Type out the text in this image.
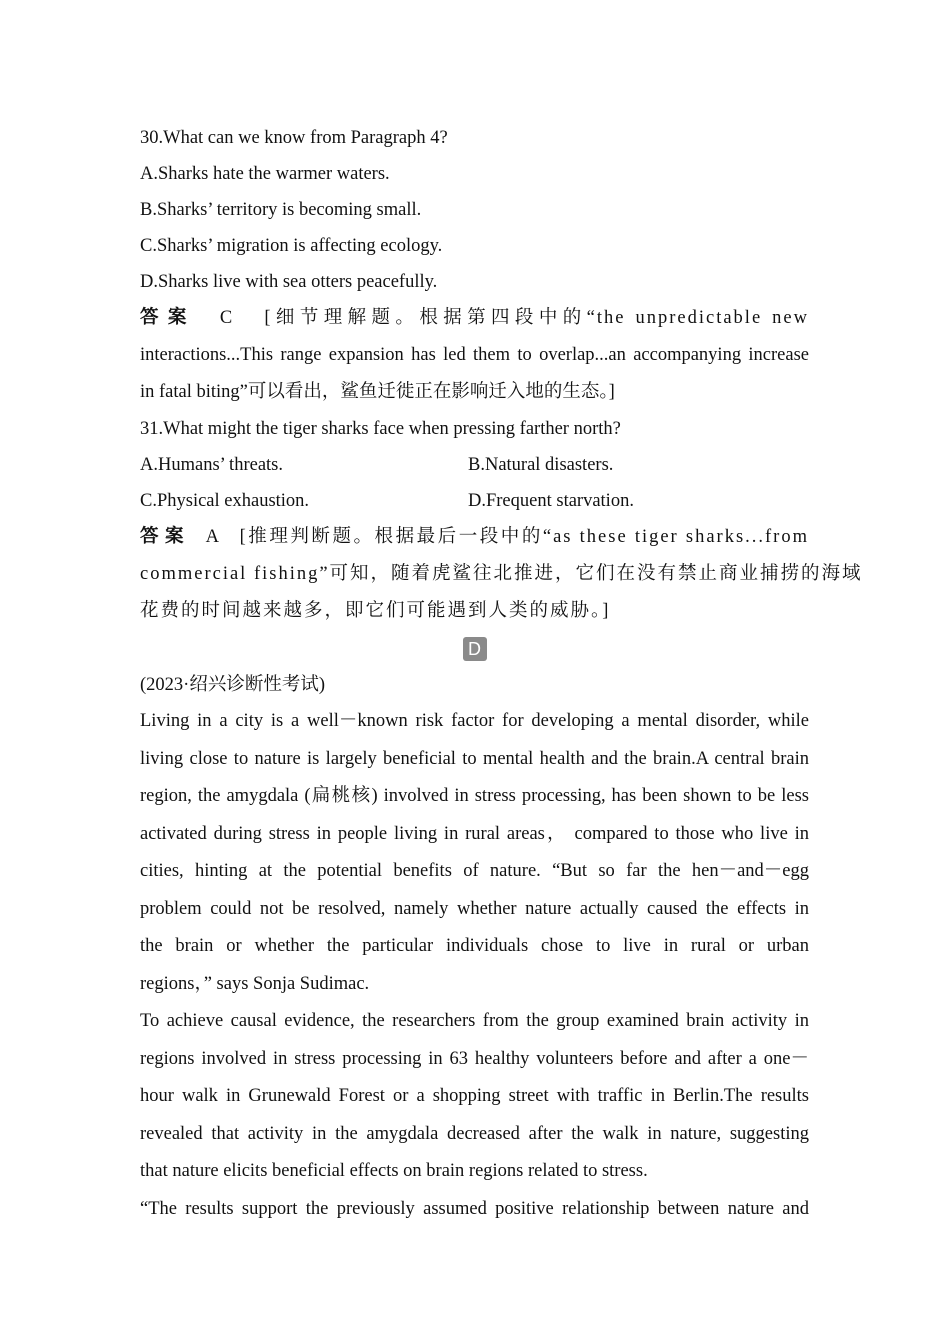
30.What can we know from Paragraph 4?
A.Sharks hate the warmer waters.
B.Sharks’ territory is becoming small.
C.Sharks’ migration is affecting ecology.
D.Sharks live with sea otters peacefully.
答案 C [细节理解题。根据第四段中的“the unpredictable new
interactions...This range expansion has led them to overlap...an accompanying increase
in fatal biting”可以看出，鲨鱼迁徙正在影响迁入地的生态。]
31.What might the tiger sharks face when pressing farther north?
A.Humans’ threats.	B.Natural disasters.
C.Physical exhaustion.	D.Frequent starvation.
答案 A [推理判断题。根据最后一段中的“as these tiger sharks...from
commercial fishing”可知，随着虎鲨往北推进，它们在没有禁止商业捕捞的海域
花费的时间越来越多，即它们可能遇到人类的威胁。]
D
(2023·绍兴诊断性考试)
Living in a city is a well－known risk factor for developing a mental disorder, while
living close to nature is largely beneficial to mental health and the brain.A central brain
region, the amygdala (扁桃核) involved in stress processing, has been shown to be less
activated during stress in people living in rural areas， compared to those who live in
cities, hinting at the potential benefits of nature. “But so far the hen－and－egg
problem could not be resolved, namely whether nature actually caused the effects in
the brain or whether the particular individuals chose to live in rural or urban
regions，” says Sonja Sudimac.
To achieve causal evidence, the researchers from the group examined brain activity in
regions involved in stress processing in 63 healthy volunteers before and after a one－
hour walk in Grunewald Forest or a shopping street with traffic in Berlin.The results
revealed that activity in the amygdala decreased after the walk in nature, suggesting
that nature elicits beneficial effects on brain regions related to stress.
“The results support the previously assumed positive relationship between nature and
